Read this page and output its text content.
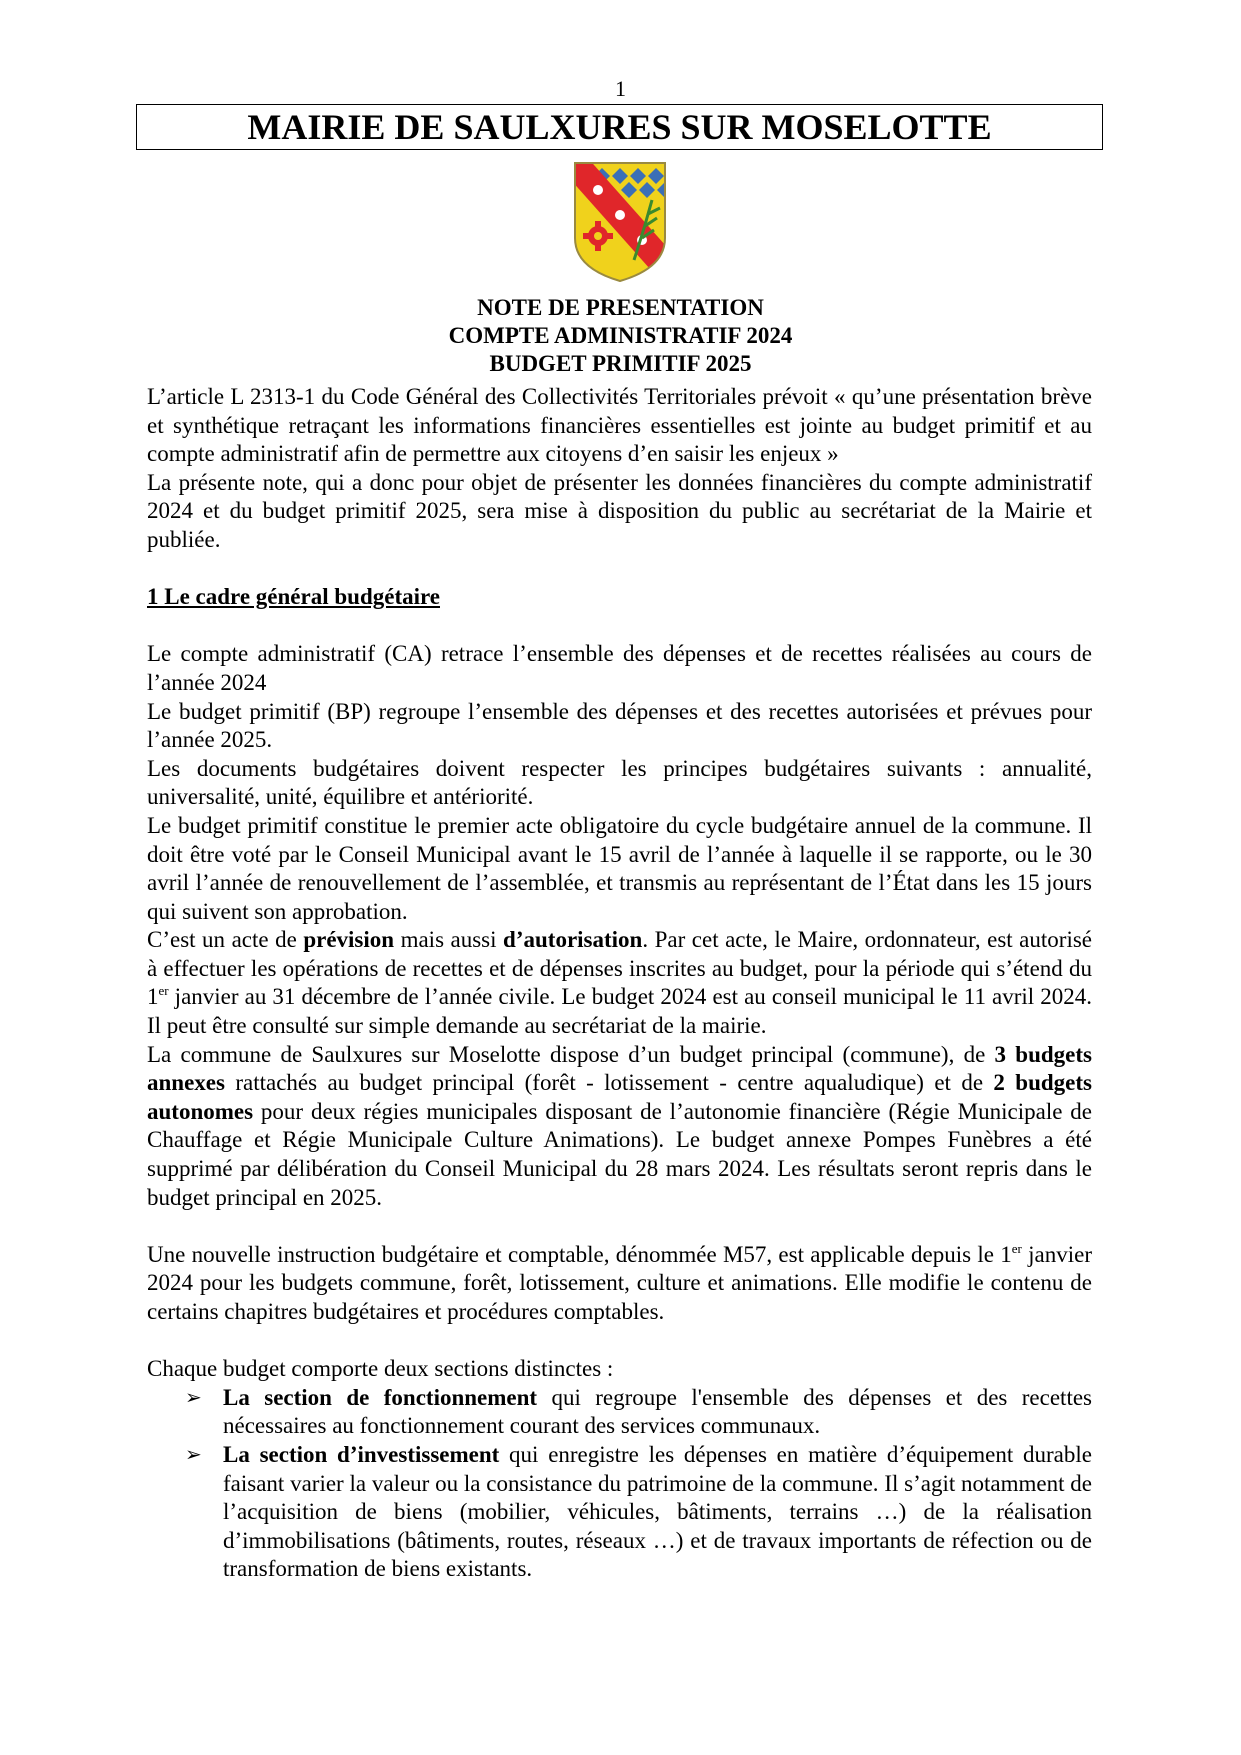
1
MAIRIE DE SAULXURES SUR MOSELOTTE
NOTE DE PRESENTATION
COMPTE ADMINISTRATIF 2024
BUDGET PRIMITIF 2025

L’article L 2313-1 du Code Général des Collectivités Territoriales prévoit « qu’une présentation brève et synthétique retraçant les informations financières essentielles est jointe au budget primitif et au compte administratif afin de permettre aux citoyens d’en saisir les enjeux »

La présente note, qui a donc pour objet de présenter les données financières du compte administratif 2024 et du budget primitif 2025, sera mise à disposition du public au secrétariat de la Mairie et publiée.

1 Le cadre général budgétaire

Le compte administratif (CA) retrace l’ensemble des dépenses et de recettes réalisées au cours de l’année 2024

Le budget primitif (BP) regroupe l’ensemble des dépenses et des recettes autorisées et prévues pour l’année 2025.

Les documents budgétaires doivent respecter les principes budgétaires suivants : annualité, universalité, unité, équilibre et antériorité.

Le budget primitif constitue le premier acte obligatoire du cycle budgétaire annuel de la commune. Il doit être voté par le Conseil Municipal avant le 15 avril de l’année à laquelle il se rapporte, ou le 30 avril l’année de renouvellement de l’assemblée, et transmis au représentant de l’État dans les 15 jours qui suivent son approbation.

C’est un acte de prévision mais aussi d’autorisation. Par cet acte, le Maire, ordonnateur, est autorisé à effectuer les opérations de recettes et de dépenses inscrites au budget, pour la période qui s’étend du 1er janvier au 31 décembre de l’année civile. Le budget 2024 est au conseil municipal le 11 avril 2024. Il peut être consulté sur simple demande au secrétariat de la mairie.

La commune de Saulxures sur Moselotte dispose d’un budget principal (commune), de 3 budgets annexes rattachés au budget principal (forêt - lotissement - centre aqualudique) et de 2 budgets autonomes pour deux régies municipales disposant de l’autonomie financière (Régie Municipale de Chauffage et Régie Municipale Culture Animations). Le budget annexe Pompes Funèbres a été supprimé par délibération du Conseil Municipal du 28 mars 2024. Les résultats seront repris dans le budget principal en 2025.

Une nouvelle instruction budgétaire et comptable, dénommée M57, est applicable depuis le 1er janvier 2024 pour les budgets commune, forêt, lotissement, culture et animations. Elle modifie le contenu de certains chapitres budgétaires et procédures comptables.

Chaque budget comporte deux sections distinctes :

➢ La section de fonctionnement qui regroupe l'ensemble des dépenses et des recettes nécessaires au fonctionnement courant des services communaux.
➢ La section d’investissement qui enregistre les dépenses en matière d’équipement durable faisant varier la valeur ou la consistance du patrimoine de la commune. Il s’agit notamment de l’acquisition de biens (mobilier, véhicules, bâtiments, terrains …) de la réalisation d’immobilisations (bâtiments, routes, réseaux …) et de travaux importants de réfection ou de transformation de biens existants.
